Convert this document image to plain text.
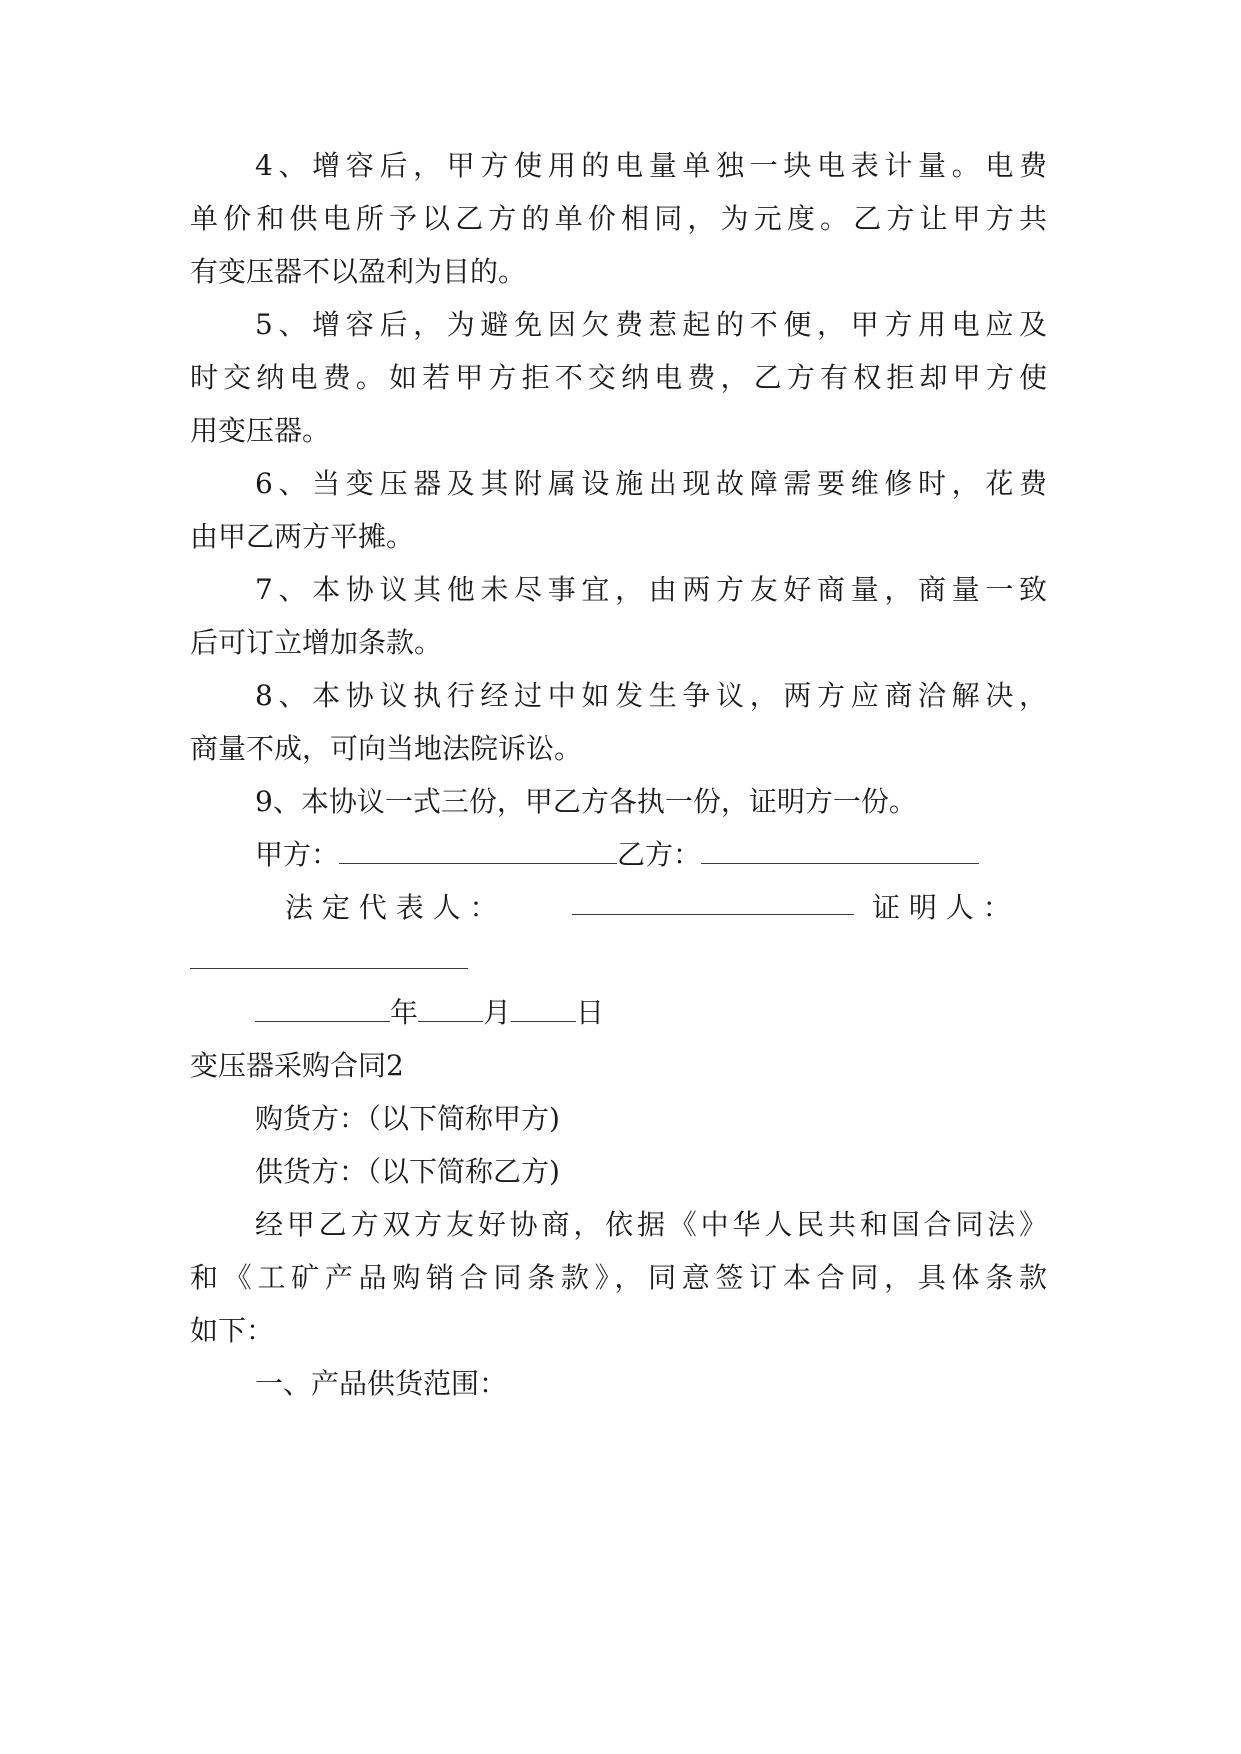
4、增容后，甲方使用的电量单独一块电表计量。电费
单价和供电所予以乙方的单价相同，为元度。乙方让甲方共
有变压器不以盈利为目的。
5、增容后，为避免因欠费惹起的不便，甲方用电应及
时交纳电费。如若甲方拒不交纳电费，乙方有权拒却甲方使
用变压器。
6、当变压器及其附属设施出现故障需要维修时，花费
由甲乙两方平摊。
7、本协议其他未尽事宜，由两方友好商量，商量一致
后可订立增加条款。
8、本协议执行经过中如发生争议，两方应商洽解决，
商量不成，可向当地法院诉讼。
9、本协议一式三份，甲乙方各执一份，证明方一份。
甲方：	乙方：
法 定 代 表 人 ：	证 明 人 ：
年 月 日
变压器采购合同2
购货方：（以下简称甲方)
供货方：（以下简称乙方)
经甲乙方双方友好协商，依据《中华人民共和国合同法》
和《工矿产品购销合同条款》，同意签订本合同，具体条款
如下：
一、产品供货范围：
